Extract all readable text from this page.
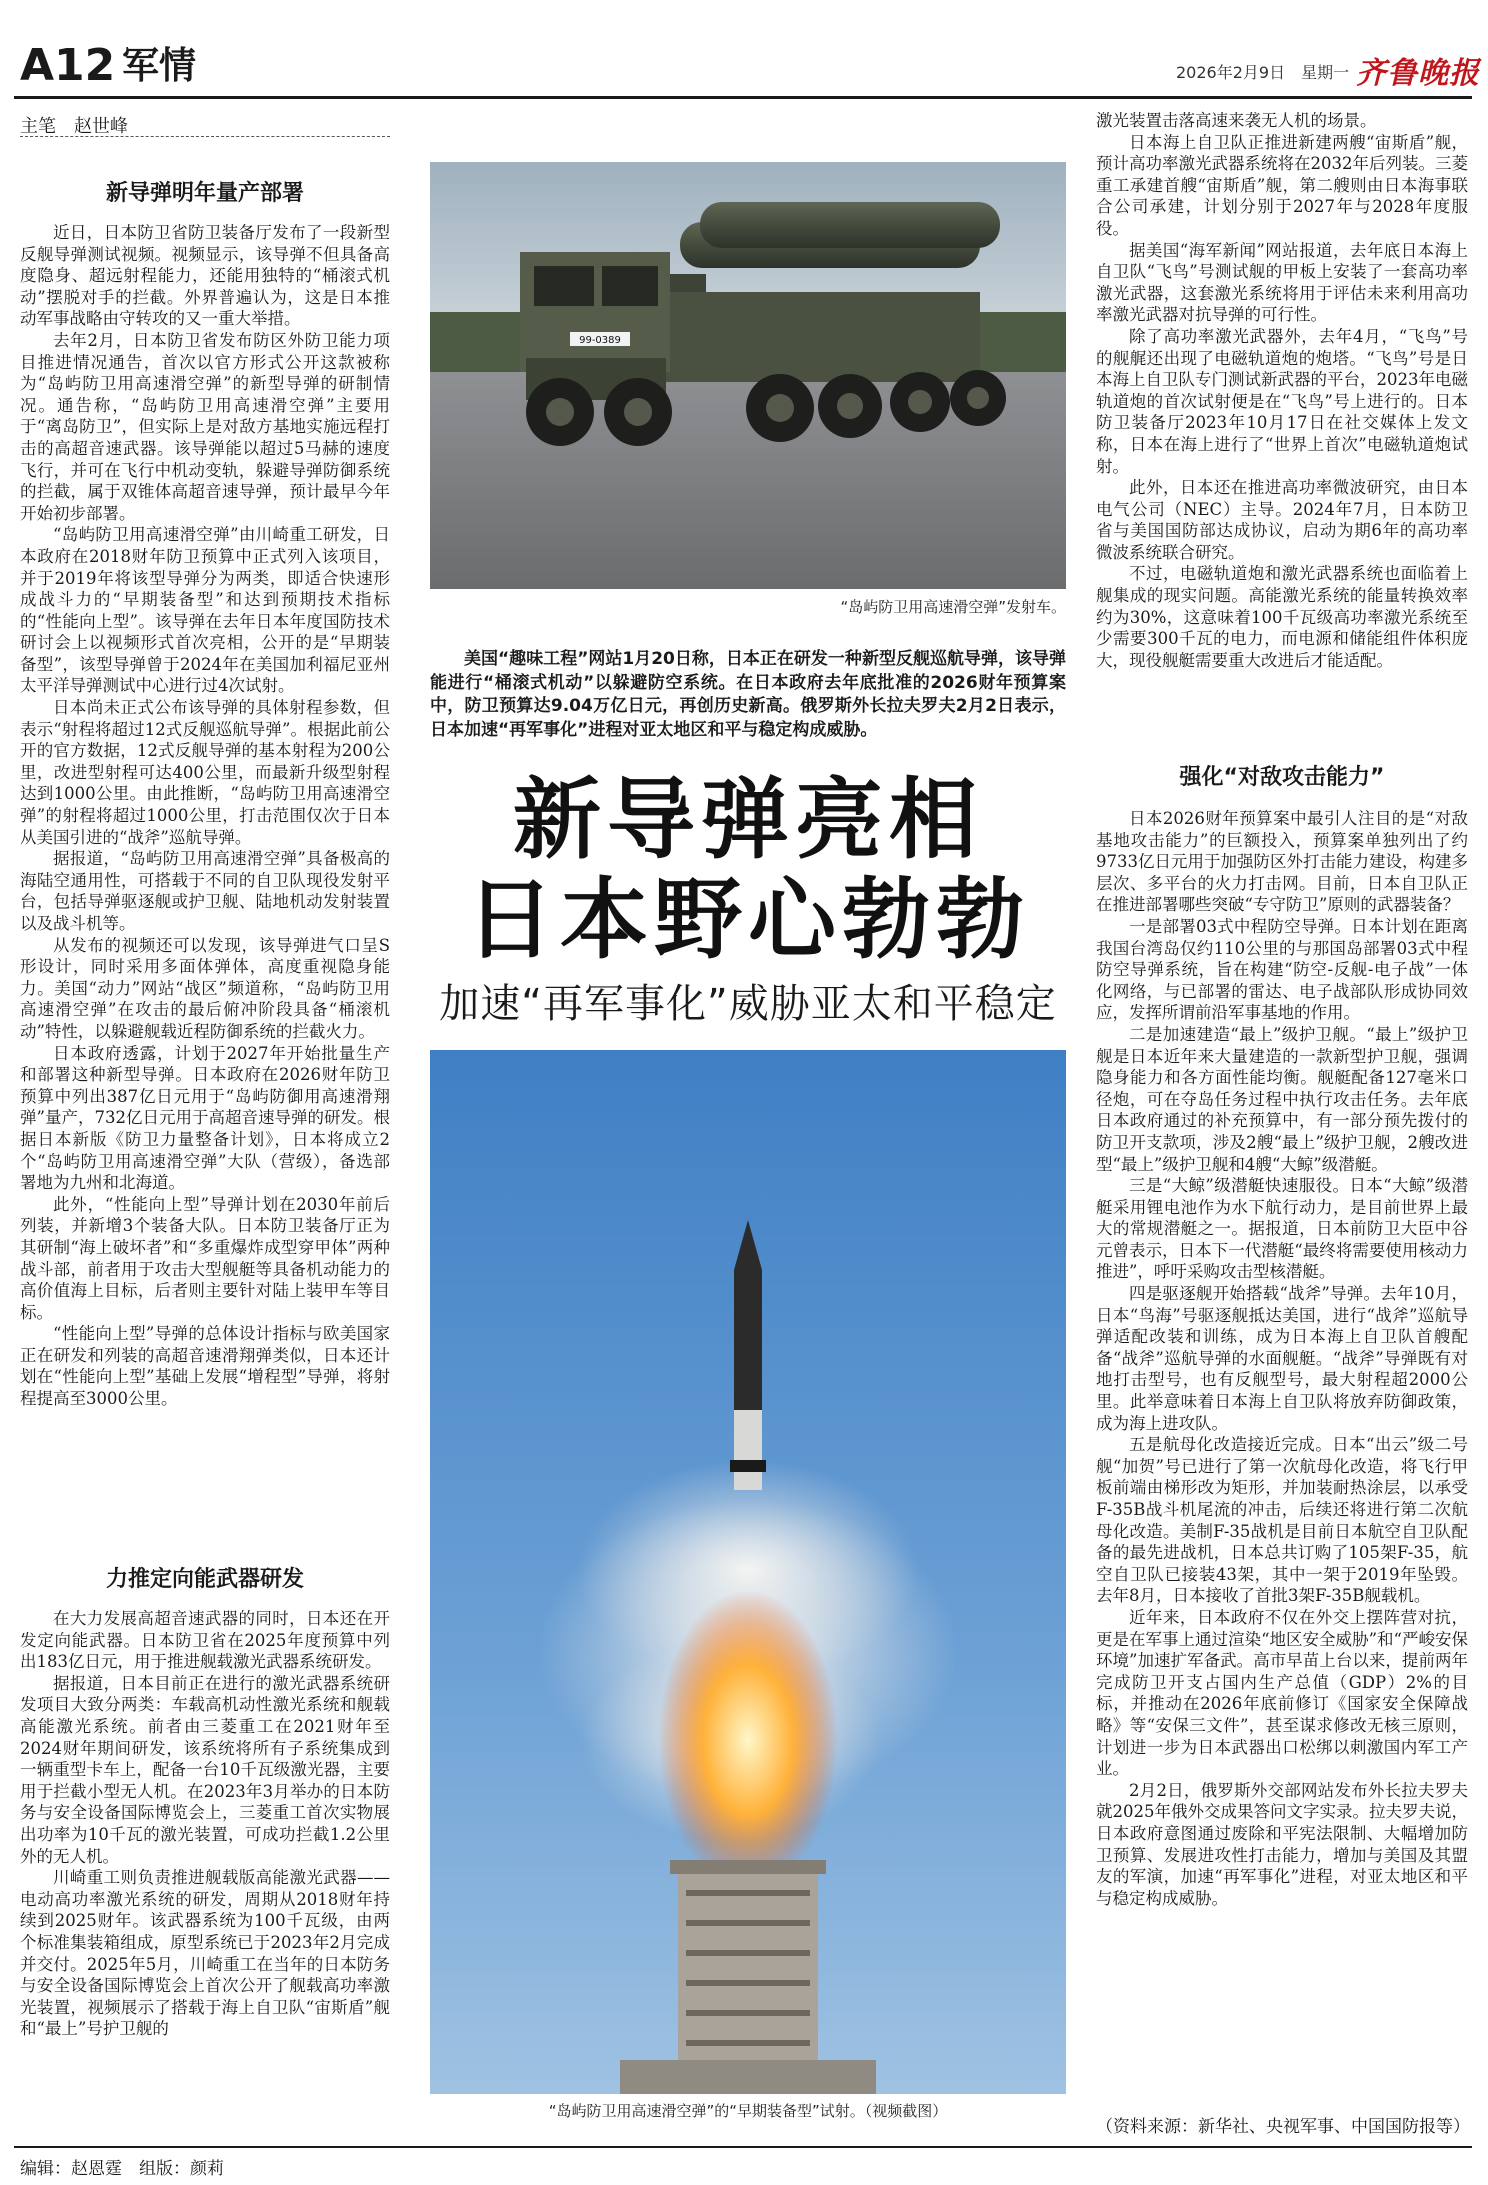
A12 军情	2026年2月9日　星期一 齐鲁晚报
主笔　赵世峰
新导弹明年量产部署

近日，日本防卫省防卫装备厅发布了一段新型反舰导弹测试视频。视频显示，该导弹不但具备高度隐身、超远射程能力，还能用独特的“桶滚式机动”摆脱对手的拦截。外界普遍认为，这是日本推动军事战略由守转攻的又一重大举措。

去年2月，日本防卫省发布防区外防卫能力项目推进情况通告，首次以官方形式公开这款被称为“岛屿防卫用高速滑空弹”的新型导弹的研制情况。通告称，“岛屿防卫用高速滑空弹”主要用于“离岛防卫”，但实际上是对敌方基地实施远程打击的高超音速武器。该导弹能以超过5马赫的速度飞行，并可在飞行中机动变轨，躲避导弹防御系统的拦截，属于双锥体高超音速导弹，预计最早今年开始初步部署。

“岛屿防卫用高速滑空弹”由川崎重工研发，日本政府在2018财年防卫预算中正式列入该项目，并于2019年将该型导弹分为两类，即适合快速形成战斗力的“早期装备型”和达到预期技术指标的“性能向上型”。该导弹在去年日本年度国防技术研讨会上以视频形式首次亮相，公开的是“早期装备型”，该型导弹曾于2024年在美国加利福尼亚州太平洋导弹测试中心进行过4次试射。

日本尚未正式公布该导弹的具体射程参数，但表示“射程将超过12式反舰巡航导弹”。根据此前公开的官方数据，12式反舰导弹的基本射程为200公里，改进型射程可达400公里，而最新升级型射程达到1000公里。由此推断，“岛屿防卫用高速滑空弹”的射程将超过1000公里，打击范围仅次于日本从美国引进的“战斧”巡航导弹。

据报道，“岛屿防卫用高速滑空弹”具备极高的海陆空通用性，可搭载于不同的自卫队现役发射平台，包括导弹驱逐舰或护卫舰、陆地机动发射装置以及战斗机等。

从发布的视频还可以发现，该导弹进气口呈S形设计，同时采用多面体弹体，高度重视隐身能力。美国“动力”网站“战区”频道称，“岛屿防卫用高速滑空弹”在攻击的最后俯冲阶段具备“桶滚机动”特性，以躲避舰载近程防御系统的拦截火力。

日本政府透露，计划于2027年开始批量生产和部署这种新型导弹。日本政府在2026财年防卫预算中列出387亿日元用于“岛屿防御用高速滑翔弹”量产，732亿日元用于高超音速导弹的研发。根据日本新版《防卫力量整备计划》，日本将成立2个“岛屿防卫用高速滑空弹”大队（营级），备选部署地为九州和北海道。

此外，“性能向上型”导弹计划在2030年前后列装，并新增3个装备大队。日本防卫装备厅正为其研制“海上破坏者”和“多重爆炸成型穿甲体”两种战斗部，前者用于攻击大型舰艇等具备机动能力的高价值海上目标，后者则主要针对陆上装甲车等目标。

“性能向上型”导弹的总体设计指标与欧美国家正在研发和列装的高超音速滑翔弹类似，日本还计划在“性能向上型”基础上发展“增程型”导弹，将射程提高至3000公里。

力推定向能武器研发

在大力发展高超音速武器的同时，日本还在开发定向能武器。日本防卫省在2025年度预算中列出183亿日元，用于推进舰载激光武器系统研发。

据报道，日本目前正在进行的激光武器系统研发项目大致分两类：车载高机动性激光系统和舰载高能激光系统。前者由三菱重工在2021财年至2024财年期间研发，该系统将所有子系统集成到一辆重型卡车上，配备一台10千瓦级激光器，主要用于拦截小型无人机。在2023年3月举办的日本防务与安全设备国际博览会上，三菱重工首次实物展出功率为10千瓦的激光装置，可成功拦截1.2公里外的无人机。

川崎重工则负责推进舰载版高能激光武器——电动高功率激光系统的研发，周期从2018财年持续到2025财年。该武器系统为100千瓦级，由两个标准集装箱组成，原型系统已于2023年2月完成并交付。2025年5月，川崎重工在当年的日本防务与安全设备国际博览会上首次公开了舰载高功率激光装置，视频展示了搭载于海上自卫队“宙斯盾”舰和“最上”号护卫舰的

99-0389
“岛屿防卫用高速滑空弹”发射车。

美国“趣味工程”网站1月20日称，日本正在研发一种新型反舰巡航导弹，该导弹能进行“桶滚式机动”以躲避防空系统。在日本政府去年底批准的2026财年预算案中，防卫预算达9.04万亿日元，再创历史新高。俄罗斯外长拉夫罗夫2月2日表示，日本加速“再军事化”进程对亚太地区和平与稳定构成威胁。

新导弹亮相
日本野心勃勃
加速“再军事化”威胁亚太和平稳定
“岛屿防卫用高速滑空弹”的“早期装备型”试射。（视频截图）

激光装置击落高速来袭无人机的场景。

日本海上自卫队正推进新建两艘“宙斯盾”舰，预计高功率激光武器系统将在2032年后列装。三菱重工承建首艘“宙斯盾”舰，第二艘则由日本海事联合公司承建，计划分别于2027年与2028年度服役。

据美国“海军新闻”网站报道，去年底日本海上自卫队“飞鸟”号测试舰的甲板上安装了一套高功率激光武器，这套激光系统将用于评估未来利用高功率激光武器对抗导弹的可行性。

除了高功率激光武器外，去年4月，“飞鸟”号的舰艉还出现了电磁轨道炮的炮塔。“飞鸟”号是日本海上自卫队专门测试新武器的平台，2023年电磁轨道炮的首次试射便是在“飞鸟”号上进行的。日本防卫装备厅2023年10月17日在社交媒体上发文称，日本在海上进行了“世界上首次”电磁轨道炮试射。

此外，日本还在推进高功率微波研究，由日本电气公司（NEC）主导。2024年7月，日本防卫省与美国国防部达成协议，启动为期6年的高功率微波系统联合研究。

不过，电磁轨道炮和激光武器系统也面临着上舰集成的现实问题。高能激光系统的能量转换效率约为30%，这意味着100千瓦级高功率激光系统至少需要300千瓦的电力，而电源和储能组件体积庞大，现役舰艇需要重大改进后才能适配。

强化“对敌攻击能力”

日本2026财年预算案中最引人注目的是“对敌基地攻击能力”的巨额投入，预算案单独列出了约9733亿日元用于加强防区外打击能力建设，构建多层次、多平台的火力打击网。目前，日本自卫队正在推进部署哪些突破“专守防卫”原则的武器装备？

一是部署03式中程防空导弹。日本计划在距离我国台湾岛仅约110公里的与那国岛部署03式中程防空导弹系统，旨在构建“防空-反舰-电子战”一体化网络，与已部署的雷达、电子战部队形成协同效应，发挥所谓前沿军事基地的作用。

二是加速建造“最上”级护卫舰。“最上”级护卫舰是日本近年来大量建造的一款新型护卫舰，强调隐身能力和各方面性能均衡。舰艇配备127毫米口径炮，可在夺岛任务过程中执行攻击任务。去年底日本政府通过的补充预算中，有一部分预先拨付的防卫开支款项，涉及2艘“最上”级护卫舰，2艘改进型“最上”级护卫舰和4艘“大鲸”级潜艇。

三是“大鲸”级潜艇快速服役。日本“大鲸”级潜艇采用锂电池作为水下航行动力，是目前世界上最大的常规潜艇之一。据报道，日本前防卫大臣中谷元曾表示，日本下一代潜艇“最终将需要使用核动力推进”，呼吁采购攻击型核潜艇。

四是驱逐舰开始搭载“战斧”导弹。去年10月，日本“鸟海”号驱逐舰抵达美国，进行“战斧”巡航导弹适配改装和训练，成为日本海上自卫队首艘配备“战斧”巡航导弹的水面舰艇。“战斧”导弹既有对地打击型号，也有反舰型号，最大射程超2000公里。此举意味着日本海上自卫队将放弃防御政策，成为海上进攻队。

五是航母化改造接近完成。日本“出云”级二号舰“加贺”号已进行了第一次航母化改造，将飞行甲板前端由梯形改为矩形，并加装耐热涂层，以承受F-35B战斗机尾流的冲击，后续还将进行第二次航母化改造。美制F-35战机是目前日本航空自卫队配备的最先进战机，日本总共订购了105架F-35，航空自卫队已接装43架，其中一架于2019年坠毁。去年8月，日本接收了首批3架F-35B舰载机。

近年来，日本政府不仅在外交上摆阵营对抗，更是在军事上通过渲染“地区安全威胁”和“严峻安保环境”加速扩军备武。高市早苗上台以来，提前两年完成防卫开支占国内生产总值（GDP）2%的目标，并推动在2026年底前修订《国家安全保障战略》等“安保三文件”，甚至谋求修改无核三原则，计划进一步为日本武器出口松绑以刺激国内军工产业。

2月2日，俄罗斯外交部网站发布外长拉夫罗夫就2025年俄外交成果答问文字实录。拉夫罗夫说，日本政府意图通过废除和平宪法限制、大幅增加防卫预算、发展进攻性打击能力，增加与美国及其盟友的军演，加速“再军事化”进程，对亚太地区和平与稳定构成威胁。

（资料来源：新华社、央视军事、中国国防报等）
编辑：赵恩霆　组版：颜莉
